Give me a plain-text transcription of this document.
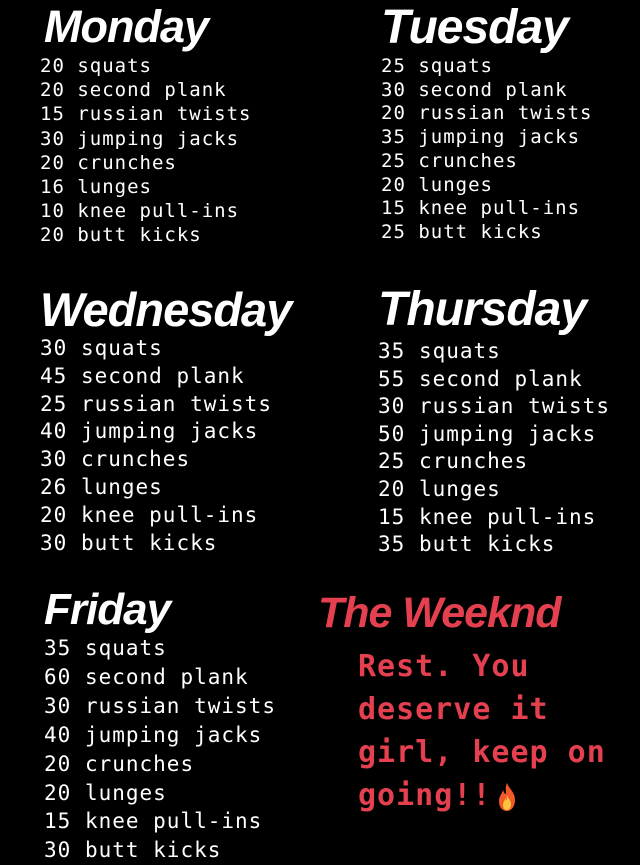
Monday
20 squats
20 second plank
15 russian twists
30 jumping jacks
20 crunches
16 lunges
10 knee pull-ins
20 butt kicks
Tuesday
25 squats
30 second plank
20 russian twists
35 jumping jacks
25 crunches
20 lunges
15 knee pull-ins
25 butt kicks
Wednesday
30 squats
45 second plank
25 russian twists
40 jumping jacks
30 crunches
26 lunges
20 knee pull-ins
30 butt kicks
Thursday
35 squats
55 second plank
30 russian twists
50 jumping jacks
25 crunches
20 lunges
15 knee pull-ins
35 butt kicks
Friday
35 squats
60 second plank
30 russian twists
40 jumping jacks
20 crunches
20 lunges
15 knee pull-ins
30 butt kicks
The Weeknd
Rest. You deserve it girl, keep on going!!
